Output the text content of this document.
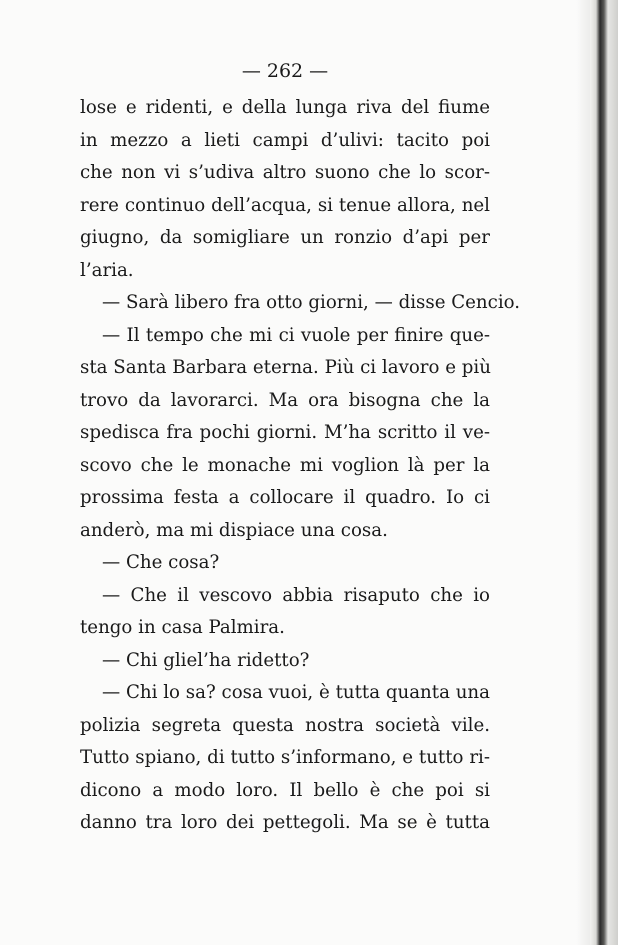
— 262 —
lose e ridenti, e della lunga riva del fiume
in mezzo a lieti campi d’ulivi: tacito poi
che non vi s’udiva altro suono che lo scor-
rere continuo dell’acqua, si tenue allora, nel
giugno, da somigliare un ronzio d’api per
l’aria.
— Sarà libero fra otto giorni, — disse Cencio.
— Il tempo che mi ci vuole per finire que-
sta Santa Barbara eterna. Più ci lavoro e più
trovo da lavorarci. Ma ora bisogna che la
spedisca fra pochi giorni. M’ha scritto il ve-
scovo che le monache mi voglion là per la
prossima festa a collocare il quadro. Io ci
anderò, ma mi dispiace una cosa.
— Che cosa?
— Che il vescovo abbia risaputo che io
tengo in casa Palmira.
— Chi gliel’ha ridetto?
— Chi lo sa? cosa vuoi, è tutta quanta una
polizia segreta questa nostra società vile.
Tutto spiano, di tutto s’informano, e tutto ri-
dicono a modo loro. Il bello è che poi si
danno tra loro dei pettegoli. Ma se è tutta
